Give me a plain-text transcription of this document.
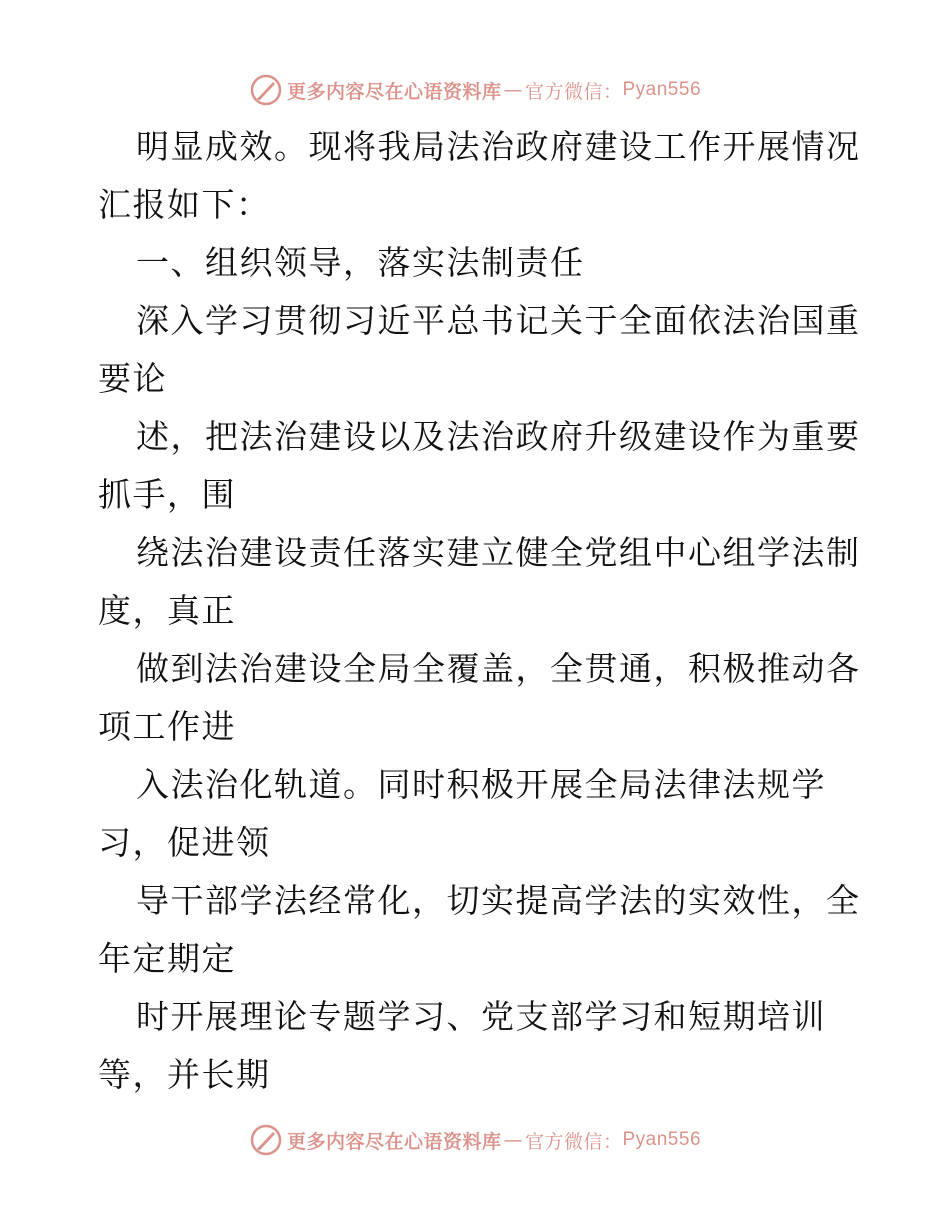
更多内容尽在心语资料库 — 官方微信： Pyan556
明显成效。现将我局法治政府建设工作开展情况
汇报如下：
一、组织领导，落实法制责任
深入学习贯彻习近平总书记关于全面依法治国重
要论
述，把法治建设以及法治政府升级建设作为重要
抓手，围
绕法治建设责任落实建立健全党组中心组学法制
度，真正
做到法治建设全局全覆盖，全贯通，积极推动各
项工作进
入法治化轨道。同时积极开展全局法律法规学
习，促进领
导干部学法经常化，切实提高学法的实效性，全
年定期定
时开展理论专题学习、党支部学习和短期培训
等，并长期
更多内容尽在心语资料库 — 官方微信： Pyan556
